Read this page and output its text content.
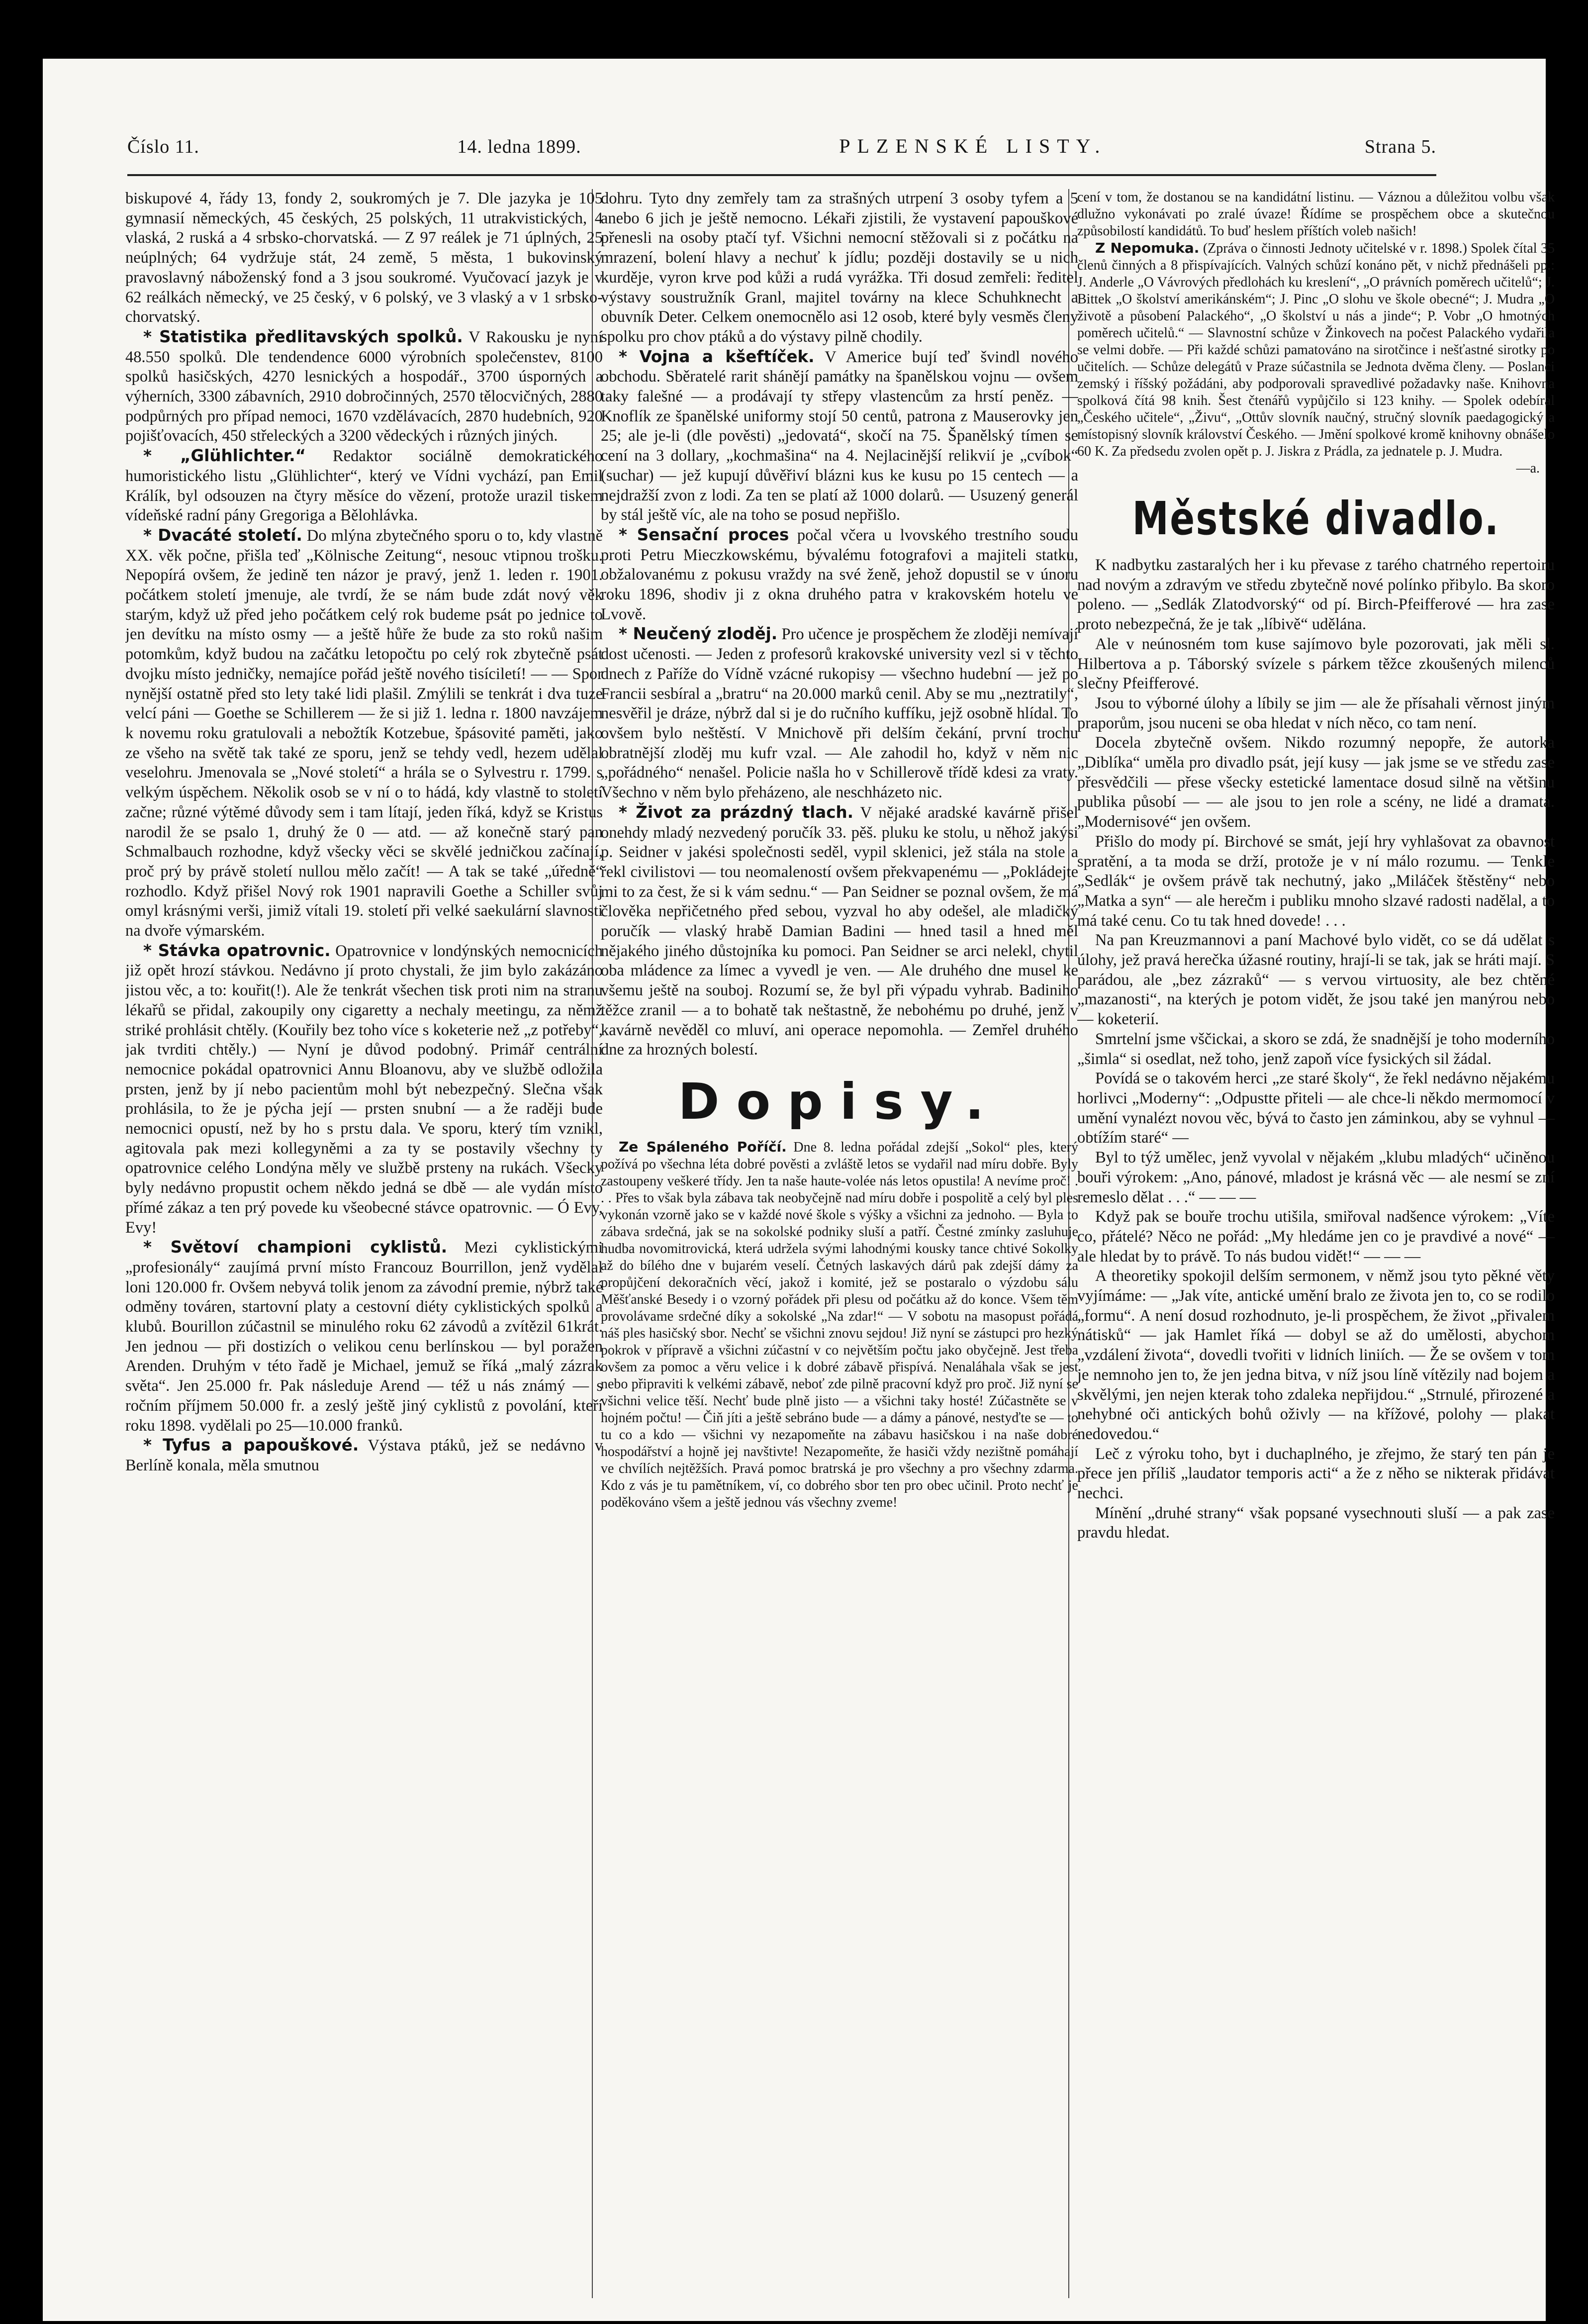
Číslo 11.	14. ledna 1899.	PLZENSKÉ LISTY.	Strana 5.

biskupové 4, řády 13, fondy 2, soukromých je 7. Dle jazyka je 105 gymnasií německých, 45 českých, 25 polských, 11 utrakvistických, 4 vlaská, 2 ruská a 4 srbsko-chorvatská. — Z 97 reálek je 71 úplných, 25 neúplných; 64 vydržuje stát, 24 země, 5 města, 1 bukovinský pravoslavný náboženský fond a 3 jsou soukromé. Vyučovací jazyk je v 62 reálkách německý, ve 25 český, v 6 polský, ve 3 vlaský a v 1 srbsko-chorvatský.

* Statistika předlitavských spolků. V Rakousku je nyní 48.550 spolků. Dle tendendence 6000 výrobních společenstev, 8100 spolků hasičských, 4270 lesnických a hospodář., 3700 úsporných a výherních, 3300 zábavních, 2910 dobročinných, 2570 tělocvičných, 2880 podpůrných pro případ nemoci, 1670 vzdělávacích, 2870 hudebních, 920 pojišťovacích, 450 střeleckých a 3200 vědeckých i různých jiných.

* „Glühlichter.“ Redaktor sociálně demokratického humoristického listu „Glühlichter“, který ve Vídni vychází, pan Emil Králík, byl odsouzen na čtyry měsíce do vězení, protože urazil tiskem vídeňské radní pány Gregoriga a Bělohlávka.

* Dvacáté století. Do mlýna zbytečného sporu o to, kdy vlastně XX. věk počne, přišla teď „Kölnische Zeitung“, nesouc vtipnou trošku. Nepopírá ovšem, že jedině ten názor je pravý, jenž 1. leden r. 1901. počátkem století jmenuje, ale tvrdí, že se nám bude zdát nový věk starým, když už před jeho počátkem celý rok budeme psát po jednice to jen devítku na místo osmy — a ještě hůře že bude za sto roků našim potomkům, když budou na začátku letopočtu po celý rok zbytečně psát dvojku místo jedničky, nemajíce pořád ještě nového tisíciletí! — — Spor nynější ostatně před sto lety také lidi plašil. Zmýlili se tenkrát i dva tuze velcí páni — Goethe se Schillerem — že si již 1. ledna r. 1800 navzájem k novemu roku gratulovali a nebožtík Kotzebue, špásovité paměti, jako ze všeho na světě tak také ze sporu, jenž se tehdy vedl, hezem udělal veselohru. Jmenovala se „Nové století“ a hrála se o Sylvestru r. 1799. s velkým úspěchem. Několik osob se v ní o to hádá, kdy vlastně to století začne; různé výtěmé důvody sem i tam lítají, jeden říká, když se Kristus narodil že se psalo 1, druhý že 0 — atd. — až konečně starý pan Schmalbauch rozhodne, když všecky věci se skvělé jedničkou začínají, proč prý by právě století nullou mělo začít! — A tak se také „úředně“ rozhodlo. Když přišel Nový rok 1901 napravili Goethe a Schiller svůj omyl krásnými verši, jimiž vítali 19. století při velké saekulární slavnosti na dvoře výmarském.

* Stávka opatrovnic. Opatrovnice v londýnských nemocnicích již opět hrozí stávkou. Nedávno jí proto chystali, že jim bylo zakázáno jistou věc, a to: kouřit(!). Ale že tenkrát všechen tisk proti nim na stranu lékařů se přidal, zakoupily ony cigaretty a nechaly meetingu, za němž striké prohlásit chtěly. (Kouřily bez toho více s koketerie než „z potřeby“, jak tvrditi chtěly.) — Nyní je důvod podobný. Primář centrální nemocnice pokádal opatrovnici Annu Bloanovu, aby ve službě odložila prsten, jenž by jí nebo pacientům mohl být nebezpečný. Slečna však prohlásila, to že je pýcha její — prsten snubní — a že raději bude nemocnici opustí, než by ho s prstu dala. Ve sporu, který tím vznikl, agitovala pak mezi kollegyněmi a za ty se postavily všechny ty opatrovnice celého Londýna měly ve službě prsteny na rukách. Všecky byly nedávno propustit ochem někdo jedná se dbě — ale vydán místo přímé zákaz a ten prý povede ku všeobecné stávce opatrovnic. — Ó Evy, Evy!

* Světoví championi cyklistů. Mezi cyklistickými „profesionály“ zaujímá první místo Francouz Bourrillon, jenž vydělal loni 120.000 fr. Ovšem nebyvá tolik jenom za závodní premie, nýbrž také odměny továren, startovní platy a cestovní diéty cyklistických spolků a klubů. Bourillon zúčastnil se minulého roku 62 závodů a zvítězil 61krát. Jen jednou — při dostizích o velikou cenu berlínskou — byl poražen Arenden. Druhým v této řadě je Michael, jemuž se říká „malý zázrak světa“. Jen 25.000 fr. Pak následuje Arend — též u nás známý — s ročním příjmem 50.000 fr. a zeslý ještě jiný cyklistů z povolání, kteří roku 1898. vydělali po 25—10.000 franků.

* Tyfus a papouškové. Výstava ptáků, jež se nedávno v Berlíně konala, měla smutnou

dohru. Tyto dny zemřely tam za strašných utrpení 3 osoby tyfem a 5 anebo 6 jich je ještě nemocno. Lékaři zjistili, že vystavení papouškové přenesli na osoby ptačí tyf. Všichni nemocní stěžovali si z počátku na mrazení, bolení hlavy a nechuť k jídlu; později dostavily se u nich kurděje, vyron krve pod kůži a rudá vyrážka. Tři dosud zemřeli: ředitel výstavy soustružník Granl, majitel továrny na klece Schuhknecht a obuvník Deter. Celkem onemocnělo asi 12 osob, které byly vesměs členy spolku pro chov ptáků a do výstavy pilně chodily.

* Vojna a kšeftíček. V Americe bují teď švindl nového obchodu. Sběratelé rarit shánějí památky na španělskou vojnu — ovšem taky falešné — a prodávají ty střepy vlastencům za hrstí peněz. — Knoflík ze španělské uniformy stojí 50 centů, patrona z Mauserovky jen 25; ale je-li (dle pověsti) „jedovatá“, skočí na 75. Španělský tímen se cení na 3 dollary, „kochmašina“ na 4. Nejlacinější relikvií je „cvíbok“ (suchar) — jež kupují důvěřiví blázni kus ke kusu po 15 centech — a nejdražší zvon z lodi. Za ten se platí až 1000 dolarů. — Usuzený generál by stál ještě víc, ale na toho se posud nepřišlo.

* Sensační proces počal včera u lvovského trestního soudu proti Petru Mieczkowskému, bývalému fotografovi a majiteli statku, obžalovanému z pokusu vraždy na své ženě, jehož dopustil se v únoru roku 1896, shodiv ji z okna druhého patra v krakovském hotelu ve Lvově.

* Neučený zloděj. Pro učence je prospěchem že zloději nemívají dost učenosti. — Jeden z profesorů krakovské university vezl si v těchto dnech z Paříže do Vídně vzácné rukopisy — všechno hudební — jež po Francii sesbíral a „bratru“ na 20.000 marků cenil. Aby se mu „neztratily“, nesvěřil je dráze, nýbrž dal si je do ručního kuffíku, jejž osobně hlídal. To ovšem bylo neštěstí. V Mnichově při delším čekání, první trochu obratnější zloděj mu kufr vzal. — Ale zahodil ho, když v něm nic „pořádného“ nenašel. Policie našla ho v Schillerově třídě kdesi za vraty. Všechno v něm bylo přeházeno, ale neschházeto nic.

* Život za prázdný tlach. V nějaké aradské kavárně přišel onehdy mladý nezvedený poručík 33. pěš. pluku ke stolu, u něhož jakýsi p. Seidner v jakési společnosti seděl, vypil sklenici, jež stála na stole a řekl civilistovi — tou neomaleností ovšem překvapenému — „Pokládejte mi to za čest, že si k vám sednu.“ — Pan Seidner se poznal ovšem, že má člověka nepřičetného před sebou, vyzval ho aby odešel, ale mladičký poručík — vlaský hrabě Damian Badini — hned tasil a hned měl nějakého jiného důstojníka ku pomoci. Pan Seidner se arci nelekl, chytil oba mládence za límec a vyvedl je ven. — Ale druhého dne musel ke všemu ještě na souboj. Rozumí se, že byl při výpadu vyhrab. Badiniho těžce zranil — a to bohatě tak neštastně, že nebohému po druhé, jenž v kavárně nevěděl co mluví, ani operace nepomohla. — Zemřel druhého dne za hrozných bolestí.

Dopisy.

Ze Spáleného Poříčí. Dne 8. ledna pořádal zdejší „Sokol“ ples, který požívá po všechna léta dobré pověsti a zvláště letos se vydařil nad míru dobře. Byly zastoupeny veškeré třídy. Jen ta naše haute-volée nás letos opustila! A nevíme proč! . . . Přes to však byla zábava tak neobyčejně nad míru dobře i pospolitě a celý byl ples vykonán vzorně jako se v každé nové škole s výšky a všichni za jednoho. — Byla to zábava srdečná, jak se na sokolské podniky sluší a patří. Čestné zmínky zasluhuje hudba novomitrovická, která udržela svými lahodnými kousky tance chtivé Sokolky až do bílého dne v bujarém veselí. Četných laskavých dárů pak zdejší dámy za propůjčení dekoračních věcí, jakož i komité, jež se postaralo o výzdobu sálu Měšťanské Besedy i o vzorný pořádek při plesu od počátku až do konce. Všem těm provolávame srdečné díky a sokolské „Na zdar!“ — V sobotu na masopust pořádá náš ples hasičský sbor. Nechť se všichni znovu sejdou! Již nyní se zástupci pro hezký pokrok v přípravě a všichni zúčastní v co největším počtu jako obyčejně. Jest třeba ovšem za pomoc a věru velice i k dobré zábavě přispívá. Nenaláhala však se jest nebo připraviti k velkémi zábavě, neboť zde pilně pracovní když pro proč. Již nyní se všichni velice těší. Nechť bude plně jisto — a všichni taky hosté! Zúčastněte se v hojném počtu! — Čiň jíti a ještě sebráno bude — a dámy a pánové, nestyďte se — to tu co a kdo — všichni vy nezapomeňte na zábavu hasičskou i na naše dobré hospodářství a hojně jej navštivte! Nezapomeňte, že hasiči vždy nezištně pomáhají ve chvílích nejtěžších. Pravá pomoc bratrská je pro všechny a pro všechny zdarma. Kdo z vás je tu pamětníkem, ví, co dobrého sbor ten pro obec učinil. Proto nechť je poděkováno všem a ještě jednou vás všechny zveme!

cení v tom, že dostanou se na kandidátní listinu. — Váznou a důležitou volbu však dlužno vykonávati po zralé úvaze! Řídíme se prospěchem obce a skutečnou způsobilostí kandidátů. To buď heslem příštích voleb našich!

Z Nepomuka. (Zpráva o činnosti Jednoty učitelské v r. 1898.) Spolek čítal 35 členů činných a 8 přispívajících. Valných schůzí konáno pět, v nichž přednášeli pp.: J. Anderle „O Vávrových předlohách ku kreslení“, „O právních poměrech učitelů“; J. Bittek „O školství amerikánském“; J. Pinc „O slohu ve škole obecné“; J. Mudra „O životě a působení Palackého“, „O školství u nás a jinde“; P. Vobr „O hmotných poměrech učitelů.“ — Slavnostní schůze v Žinkovech na počest Palackého vydařila se velmi dobře. — Při každé schůzi pamatováno na sirotčince i nešťastné sirotky po učitelích. — Schůze delegátů v Praze súčastnila se Jednota dvěma členy. — Poslanci zemský i říšský požádáni, aby podporovali spravedlivé požadavky naše. Knihovna spolková čítá 98 knih. Šest čtenářů vypůjčilo si 123 knihy. — Spolek odebíral „Českého učitele“, „Živu“, „Ottův slovník naučný, stručný slovník paedagogický a místopisný slovník království Českého. — Jmění spolkové kromě knihovny obnášelo 60 K. Za předsedu zvolen opět p. J. Jiskra z Prádla, za jednatele p. J. Mudra.

—a.
Městské divadlo.

K nadbytku zastaralých her i ku převase z tarého chatrného repertoiru nad novým a zdravým ve středu zbytečně nové polínko přibylo. Ba skoro poleno. — „Sedlák Zlatodvorský“ od pí. Birch-Pfeifferové — hra zase proto nebezpečná, že je tak „líbivě“ udělána.

Ale v neúnosném tom kuse sajímovo byle pozorovati, jak měli sl. Hilbertova a p. Táborský svízele s párkem těžce zkoušených milenců slečny Pfeifferové.

Jsou to výborné úlohy a líbily se jim — ale že přísahali věrnost jiným praporům, jsou nuceni se oba hledat v ních něco, co tam není.

Docela zbytečně ovšem. Nikdo rozumný nepopře, že autorka „Diblíka“ uměla pro divadlo psát, její kusy — jak jsme se ve středu zase přesvědčili — přese všecky estetické lamentace dosud silně na většinu publika působí — — ale jsou to jen role a scény, ne lidé a dramata. „Modernisové“ jen ovšem.

Přišlo do mody pí. Birchové se smát, její hry vyhlašovat za obavnost spratění, a ta moda se drží, protože je v ní málo rozumu. — Tenkle „Sedlák“ je ovšem právě tak nechutný, jako „Miláček štěstěny“ nebo „Matka a syn“ — ale herečm i publiku mnoho slzavé radosti nadělal, a to má také cenu. Co tu tak hned dovede! . . .

Na pan Kreuzmannovi a paní Machové bylo vidět, co se dá udělat s úlohy, jež pravá herečka úžasné routiny, hrají-li se tak, jak se hráti mají. S parádou, ale „bez zázraků“ — s vervou virtuosity, ale bez chtěné „mazanosti“, na kterých je potom vidět, že jsou také jen manýrou nebo — koketerií.

Smrtelní jsme vščickai, a skoro se zdá, že snadnější je toho moderního „šimla“ si osedlat, než toho, jenž zapoň více fysických sil žádal.

Povídá se o takovém herci „ze staré školy“, že řekl nedávno nějakému horlivci „Moderny“: „Odpustte přiteli — ale chce-li někdo mermomocí v umění vynalézt novou věc, bývá to často jen záminkou, aby se vyhnul — obtížím staré“ —

Byl to týž umělec, jenž vyvolal v nějakém „klubu mladých“ učiněnou bouři výrokem: „Ano, pánové, mladost je krásná věc — ale nesmí se zní remeslo dělat . . .“ — — —

Když pak se bouře trochu utišila, smiřoval nadšence výrokem: „Víte co, přátelé? Něco ne pořád: „My hledáme jen co je pravdivé a nové“ — ale hledat by to právě. To nás budou vidět!“ — — —

A theoretiky spokojil delším sermonem, v němž jsou tyto pěkné věty vyjímáme: — „Jak víte, antické umění bralo ze života jen to, co se rodilo „formu“. A není dosud rozhodnuto, je-li prospěchem, že život „přivalem nátisků“ — jak Hamlet říká — dobyl se až do umělosti, abychom „vzdálení života“, dovedli tvořiti v lidních liniích. — Že se ovšem v tom je nemnoho jen to, že jen jedna bitva, v níž jsou líně vítězily nad bojem a skvělými, jen nejen kterak toho zdaleka nepřijdou.“ „Strnulé, přirozené a nehybné oči antických bohů oživly — na křížové, polohy — plakat nedovedou.“

Leč z výroku toho, byt i duchaplného, je zřejmo, že starý ten pán je přece jen příliš „laudator temporis acti“ a že z něho se nikterak přidávat nechci.

Mínění „druhé strany“ však popsané vysechnouti sluší — a pak zase pravdu hledat.
